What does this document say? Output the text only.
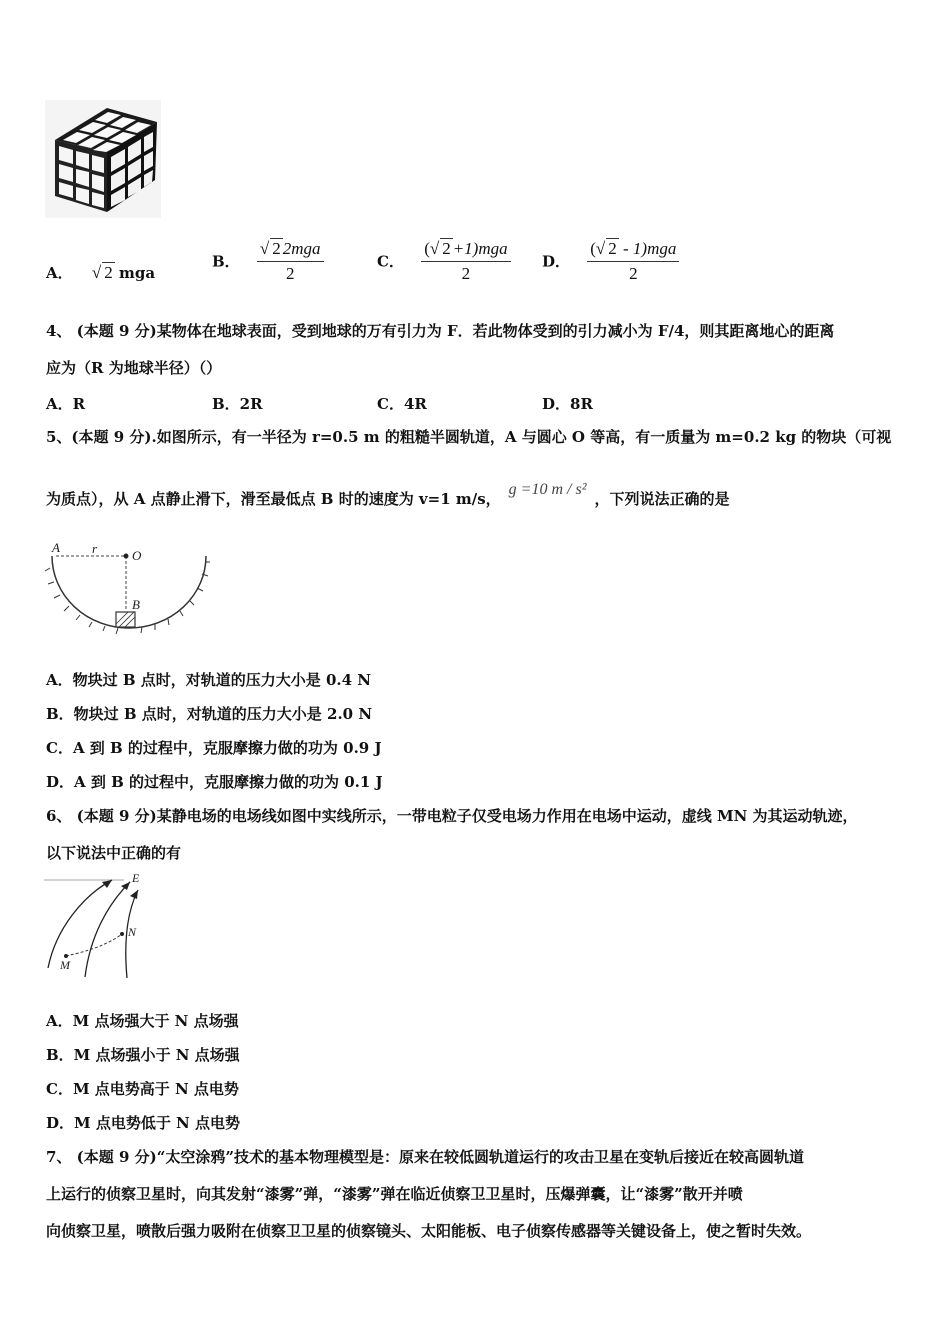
A． √ 2 mga
B． $\frac{\text{√ 2 2mga}}{2}$	C． $\frac{\text{(√ 2 +1)mga}}{2}$ D． $\frac{\text{(√ 2 - 1)mga}}{2}$
4、 (本题 9 分)某物体在地球表面，受到地球的万有引力为 F．若此物体受到的引力减小为 F/4，则其距离地心的距离
应为（R 为地球半径）（）
A．R	B．2R	C．4R	D．8R
5、(本题 9 分).如图所示，有一半径为 r=0.5 m 的粗糙半圆轨道，A 与圆心 O 等高，有一质量为 m=0.2 kg 的物块（可视
为质点），从 A 点静止滑下，滑至最低点 B 时的速度为 v=1 m/s，g =10 m / s²，下列说法正确的是
A r	O
B
A．物块过 B 点时，对轨道的压力大小是 0.4 N
B．物块过 B 点时，对轨道的压力大小是 2.0 N
C．A 到 B 的过程中，克服摩擦力做的功为 0.9 J
D．A 到 B 的过程中，克服摩擦力做的功为 0.1 J
6、 (本题 9 分)某静电场的电场线如图中实线所示，一带电粒子仅受电场力作用在电场中运动，虚线 MN 为其运动轨迹，
以下说法中正确的有
E
N
M
A．M 点场强大于 N 点场强
B．M 点场强小于 N 点场强
C．M 点电势高于 N 点电势
D．M 点电势低于 N 点电势
7、 (本题 9 分)“太空涂鸦”技术的基本物理模型是：原来在较低圆轨道运行的攻击卫星在变轨后接近在较高圆轨道
上运行的侦察卫星时，向其发射“漆雾”弹，“漆雾”弹在临近侦察卫卫星时，压爆弹囊，让“漆雾”散开并喷
向侦察卫星，喷散后强力吸附在侦察卫卫星的侦察镜头、太阳能板、电子侦察传感器等关键设备上，使之暂时失效。
